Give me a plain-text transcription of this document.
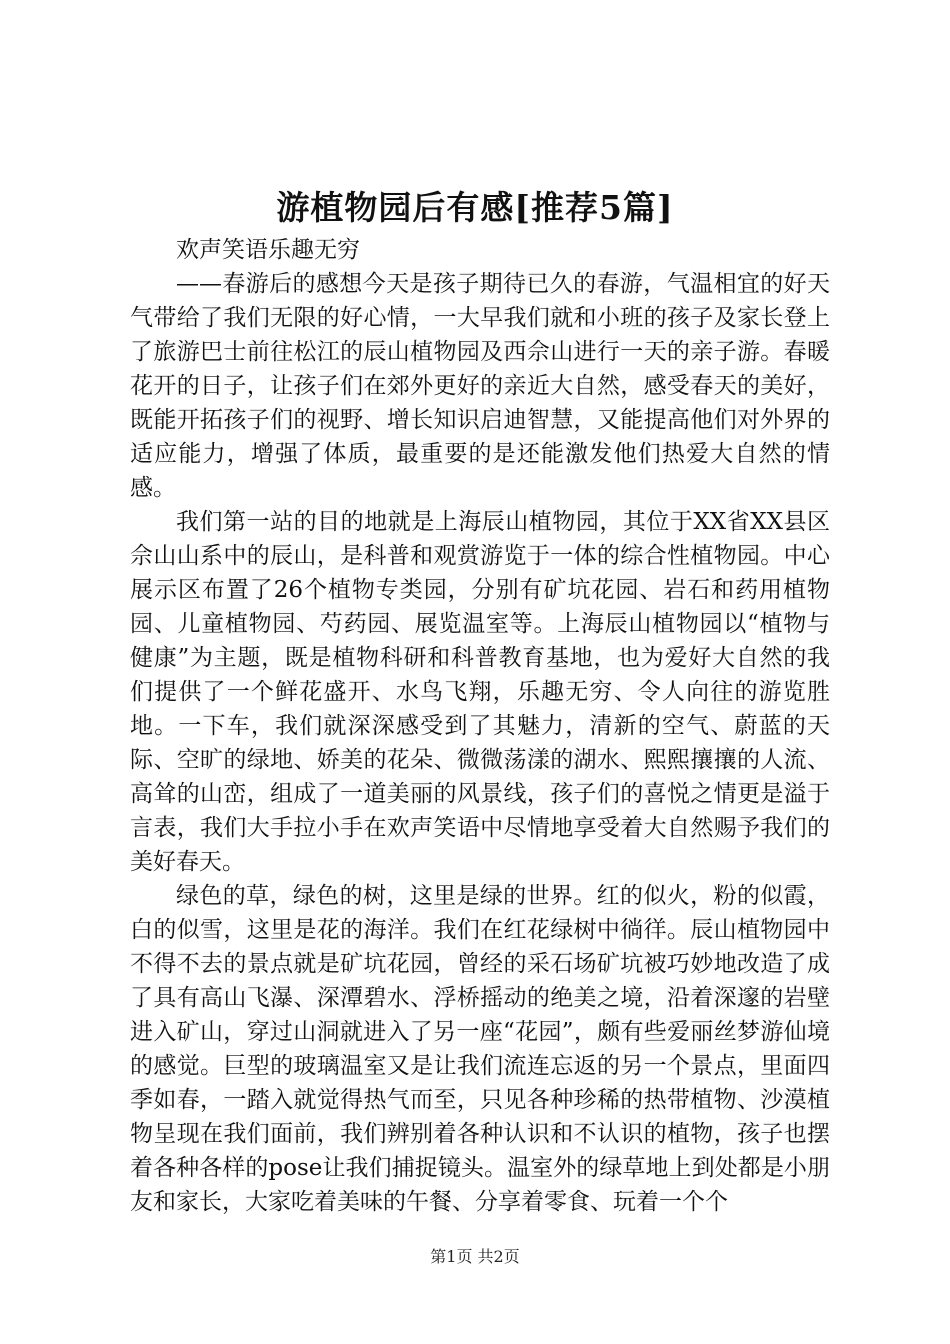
游植物园后有感[推荐5篇]

欢声笑语乐趣无穷

——春游后的感想今天是孩子期待已久的春游，气温相宜的好天气带给了我们无限的好心情，一大早我们就和小班的孩子及家长登上了旅游巴士前往松江的辰山植物园及西佘山进行一天的亲子游。春暖花开的日子，让孩子们在郊外更好的亲近大自然，感受春天的美好，既能开拓孩子们的视野、增长知识启迪智慧，又能提高他们对外界的适应能力，增强了体质，最重要的是还能激发他们热爱大自然的情感。

我们第一站的目的地就是上海辰山植物园，其位于XX省XX县区佘山山系中的辰山，是科普和观赏游览于一体的综合性植物园。中心展示区布置了26个植物专类园，分别有矿坑花园、岩石和药用植物园、儿童植物园、芍药园、展览温室等。上海辰山植物园以“植物与健康”为主题，既是植物科研和科普教育基地，也为爱好大自然的我们提供了一个鲜花盛开、水鸟飞翔，乐趣无穷、令人向往的游览胜地。一下车，我们就深深感受到了其魅力，清新的空气、蔚蓝的天际、空旷的绿地、娇美的花朵、微微荡漾的湖水、熙熙攘攘的人流、高耸的山峦，组成了一道美丽的风景线，孩子们的喜悦之情更是溢于言表，我们大手拉小手在欢声笑语中尽情地享受着大自然赐予我们的美好春天。

绿色的草，绿色的树，这里是绿的世界。红的似火，粉的似霞，白的似雪，这里是花的海洋。我们在红花绿树中徜徉。辰山植物园中不得不去的景点就是矿坑花园，曾经的采石场矿坑被巧妙地改造了成了具有高山飞瀑、深潭碧水、浮桥摇动的绝美之境，沿着深邃的岩壁进入矿山，穿过山洞就进入了另一座“花园”，颇有些爱丽丝梦游仙境的感觉。巨型的玻璃温室又是让我们流连忘返的另一个景点，里面四季如春，一踏入就觉得热气而至，只见各种珍稀的热带植物、沙漠植物呈现在我们面前，我们辨别着各种认识和不认识的植物，孩子也摆着各种各样的pose让我们捕捉镜头。温室外的绿草地上到处都是小朋友和家长，大家吃着美味的午餐、分享着零食、玩着一个个

第1页 共2页
